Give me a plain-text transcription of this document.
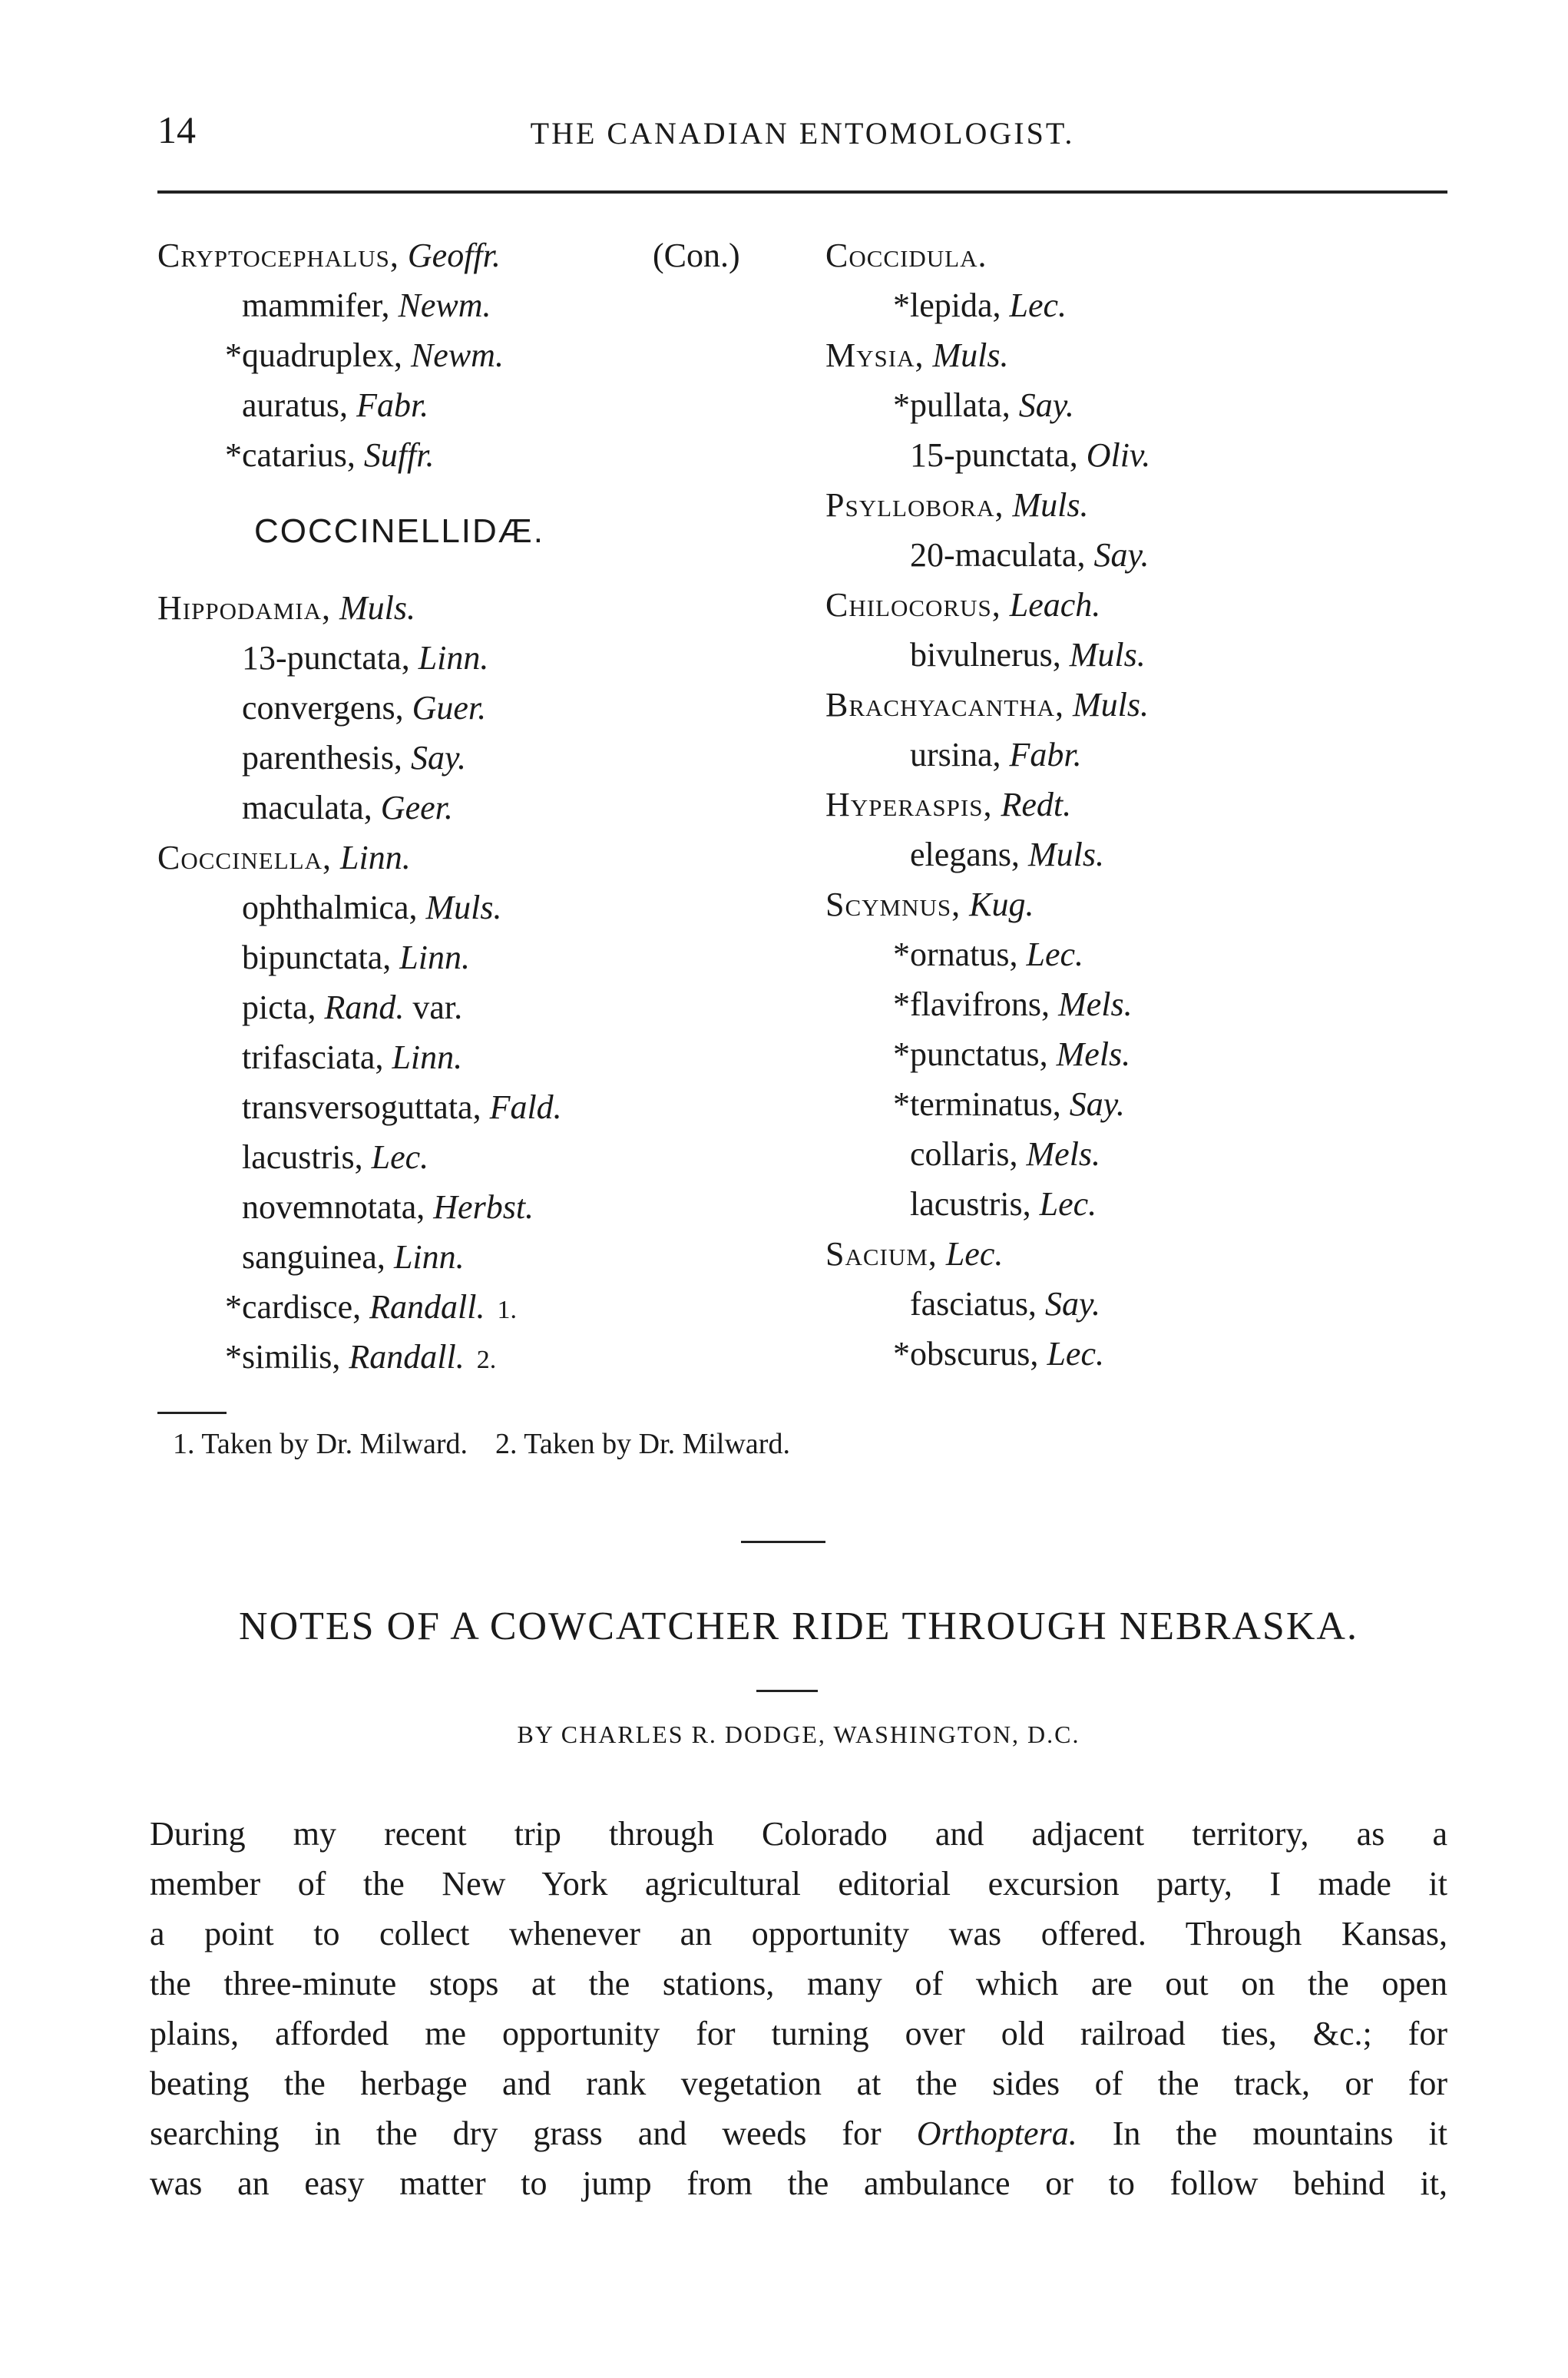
14	THE CANADIAN ENTOMOLOGIST.
Cryptocephalus, Geoffr.	(Con.)
mammifer, Newm.
*quadruplex, Newm.
auratus, Fabr.
*catarius, Suffr.
COCCINELLIDÆ.
Hippodamia, Muls.
13-punctata, Linn.
convergens, Guer.
parenthesis, Say.
maculata, Geer.
Coccinella, Linn.
ophthalmica, Muls.
bipunctata, Linn.
picta, Rand. var.
trifasciata, Linn.
transversoguttata, Fald.
lacustris, Lec.
novemnotata, Herbst.
sanguinea, Linn.
*cardisce, Randall. 1.
*similis, Randall. 2.
Coccidula.
*lepida, Lec.
Mysia, Muls.
*pullata, Say.
15-punctata, Oliv.
Psyllobora, Muls.
20-maculata, Say.
Chilocorus, Leach.
bivulnerus, Muls.
Brachyacantha, Muls.
ursina, Fabr.
Hyperaspis, Redt.
elegans, Muls.
Scymnus, Kug.
*ornatus, Lec.
*flavifrons, Mels.
*punctatus, Mels.
*terminatus, Say.
collaris, Mels.
lacustris, Lec.
Sacium, Lec.
fasciatus, Say.
*obscurus, Lec.
1. Taken by Dr. Milward. 2. Taken by Dr. Milward.
NOTES OF A COWCATCHER RIDE THROUGH NEBRASKA.
BY CHARLES R. DODGE, WASHINGTON, D.C.
During my recent trip through Colorado and adjacent territory, as a
member of the New York agricultural editorial excursion party, I made it
a point to collect whenever an opportunity was offered. Through Kansas,
the three-minute stops at the stations, many of which are out on the open
plains, afforded me opportunity for turning over old railroad ties, &c.; for
beating the herbage and rank vegetation at the sides of the track, or for
searching in the dry grass and weeds for Orthoptera. In the mountains it
was an easy matter to jump from the ambulance or to follow behind it,
